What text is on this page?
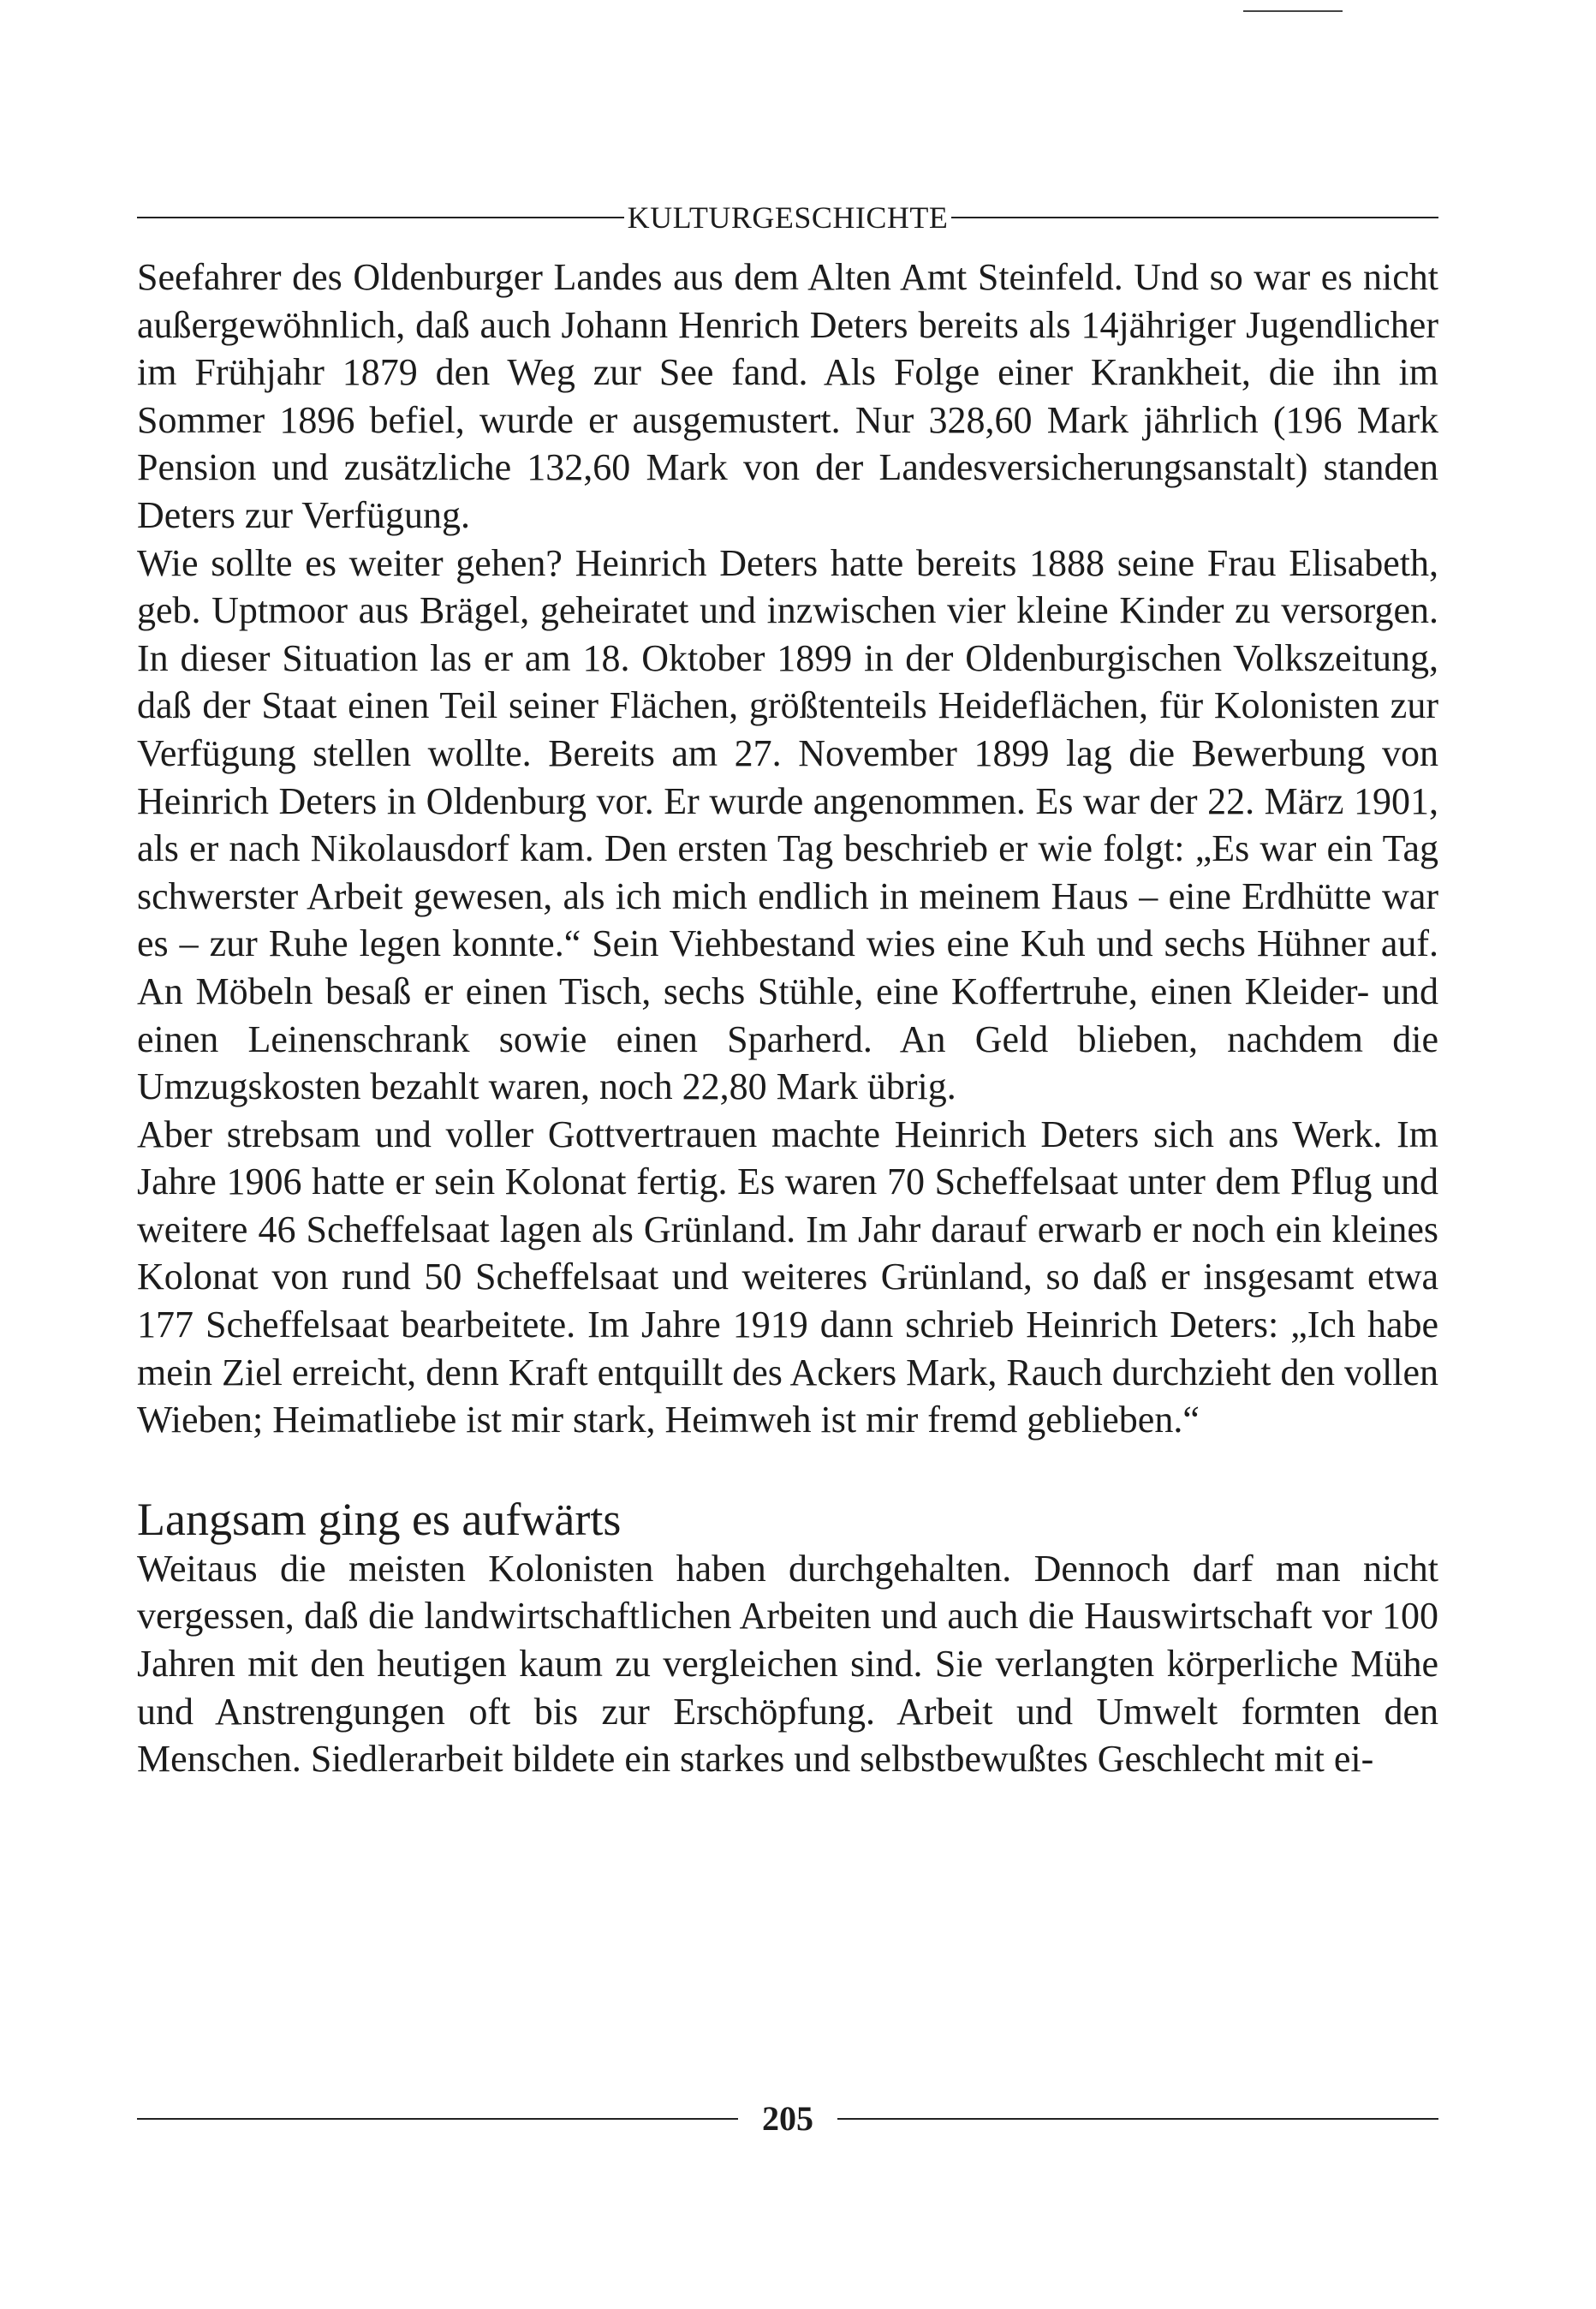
KULTURGESCHICHTE

Seefahrer des Oldenburger Landes aus dem Alten Amt Steinfeld. Und so war es nicht außergewöhnlich, daß auch Johann Henrich Deters bereits als 14jähriger Jugendlicher im Frühjahr 1879 den Weg zur See fand. Als Folge einer Krankheit, die ihn im Sommer 1896 befiel, wurde er ausgemustert. Nur 328,60 Mark jährlich (196 Mark Pension und zusätzliche 132,60 Mark von der Landesversicherungsanstalt) standen Deters zur Verfügung.

Wie sollte es weiter gehen? Heinrich Deters hatte bereits 1888 seine Frau Elisabeth, geb. Uptmoor aus Brägel, geheiratet und inzwischen vier kleine Kinder zu versorgen. In dieser Situation las er am 18. Oktober 1899 in der Oldenburgischen Volkszeitung, daß der Staat einen Teil seiner Flächen, größtenteils Heideflächen, für Kolonisten zur Verfügung stellen wollte. Bereits am 27. November 1899 lag die Bewerbung von Heinrich Deters in Oldenburg vor. Er wurde angenommen. Es war der 22. März 1901, als er nach Nikolausdorf kam. Den ersten Tag beschrieb er wie folgt: „Es war ein Tag schwerster Arbeit gewesen, als ich mich endlich in meinem Haus – eine Erdhütte war es – zur Ruhe legen konnte.“ Sein Viehbestand wies eine Kuh und sechs Hühner auf. An Möbeln besaß er einen Tisch, sechs Stühle, eine Koffertruhe, einen Kleider- und einen Leinenschrank sowie einen Sparherd. An Geld blieben, nachdem die Umzugskosten bezahlt waren, noch 22,80 Mark übrig.

Aber strebsam und voller Gottvertrauen machte Heinrich Deters sich ans Werk. Im Jahre 1906 hatte er sein Kolonat fertig. Es waren 70 Scheffelsaat unter dem Pflug und weitere 46 Scheffelsaat lagen als Grünland. Im Jahr darauf erwarb er noch ein kleines Kolonat von rund 50 Scheffelsaat und weiteres Grünland, so daß er insgesamt etwa 177 Scheffelsaat bearbeitete. Im Jahre 1919 dann schrieb Heinrich Deters: „Ich habe mein Ziel erreicht, denn Kraft entquillt des Ackers Mark, Rauch durchzieht den vollen Wieben; Heimatliebe ist mir stark, Heimweh ist mir fremd geblieben.“

Langsam ging es aufwärts

Weitaus die meisten Kolonisten haben durchgehalten. Dennoch darf man nicht vergessen, daß die landwirtschaftlichen Arbeiten und auch die Hauswirtschaft vor 100 Jahren mit den heutigen kaum zu vergleichen sind. Sie verlangten körperliche Mühe und Anstrengungen oft bis zur Erschöpfung. Arbeit und Umwelt formten den Menschen. Siedlerarbeit bildete ein starkes und selbstbewußtes Geschlecht mit ei-

205
